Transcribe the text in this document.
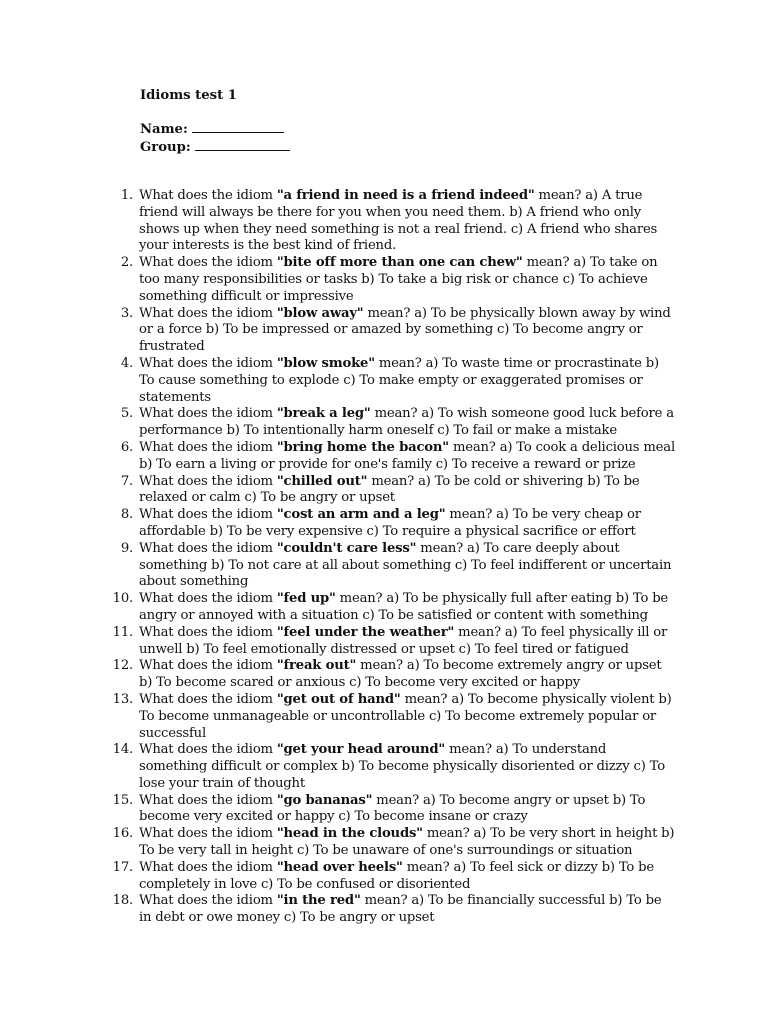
Idioms test 1
Name:
Group:
1. What does the idiom "a friend in need is a friend indeed" mean? a) A true friend will always be there for you when you need them. b) A friend who only shows up when they need something is not a real friend. c) A friend who shares your interests is the best kind of friend.
2. What does the idiom "bite off more than one can chew" mean? a) To take on too many responsibilities or tasks b) To take a big risk or chance c) To achieve something difficult or impressive
3. What does the idiom "blow away" mean? a) To be physically blown away by wind or a force b) To be impressed or amazed by something c) To become angry or frustrated
4. What does the idiom "blow smoke" mean? a) To waste time or procrastinate b) To cause something to explode c) To make empty or exaggerated promises or statements
5. What does the idiom "break a leg" mean? a) To wish someone good luck before a performance b) To intentionally harm oneself c) To fail or make a mistake
6. What does the idiom "bring home the bacon" mean? a) To cook a delicious meal b) To earn a living or provide for one's family c) To receive a reward or prize
7. What does the idiom "chilled out" mean? a) To be cold or shivering b) To be relaxed or calm c) To be angry or upset
8. What does the idiom "cost an arm and a leg" mean? a) To be very cheap or affordable b) To be very expensive c) To require a physical sacrifice or effort
9. What does the idiom "couldn't care less" mean? a) To care deeply about something b) To not care at all about something c) To feel indifferent or uncertain about something
10. What does the idiom "fed up" mean? a) To be physically full after eating b) To be angry or annoyed with a situation c) To be satisfied or content with something
11. What does the idiom "feel under the weather" mean? a) To feel physically ill or unwell b) To feel emotionally distressed or upset c) To feel tired or fatigued
12. What does the idiom "freak out" mean? a) To become extremely angry or upset b) To become scared or anxious c) To become very excited or happy
13. What does the idiom "get out of hand" mean? a) To become physically violent b) To become unmanageable or uncontrollable c) To become extremely popular or successful
14. What does the idiom "get your head around" mean? a) To understand something difficult or complex b) To become physically disoriented or dizzy c) To lose your train of thought
15. What does the idiom "go bananas" mean? a) To become angry or upset b) To become very excited or happy c) To become insane or crazy
16. What does the idiom "head in the clouds" mean? a) To be very short in height b) To be very tall in height c) To be unaware of one's surroundings or situation
17. What does the idiom "head over heels" mean? a) To feel sick or dizzy b) To be completely in love c) To be confused or disoriented
18. What does the idiom "in the red" mean? a) To be financially successful b) To be in debt or owe money c) To be angry or upset
